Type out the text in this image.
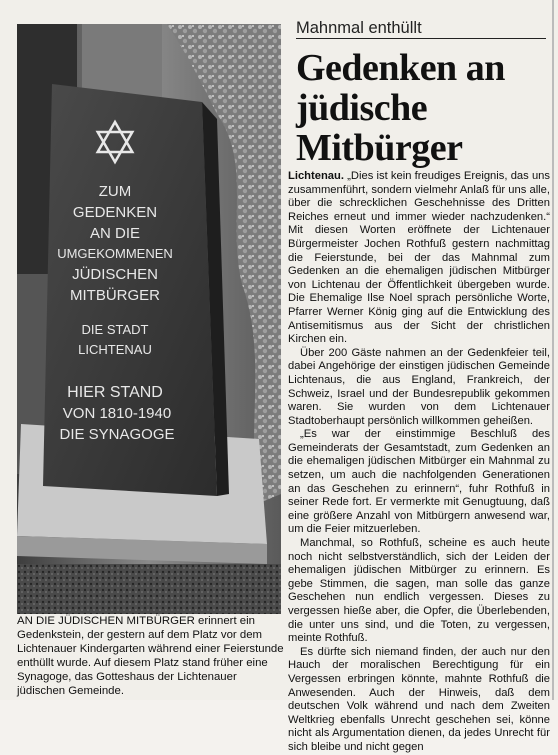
ZUM
GEDENKEN
AN DIE
UMGEKOMMENEN
JÜDISCHEN
MITBÜRGER
DIE STADT
LICHTENAU
HIER STAND
VON 1810-1940
DIE SYNAGOGE
AN DIE JÜDISCHEN MITBÜRGER erinnert ein Gedenkstein, der gestern auf dem Platz vor dem Lichtenauer Kindergarten während einer Feierstunde enthüllt wurde. Auf diesem Platz stand früher eine Synagoge, das Gotteshaus der Lichtenauer jüdischen Gemeinde.
Mahnmal enthüllt
Gedenken an jüdische Mitbürger

Lichtenau. „Dies ist kein freudiges Ereignis, das uns zusammenführt, sondern vielmehr Anlaß für uns alle, über die schrecklichen Geschehnisse des Dritten Reiches erneut und immer wieder nachzudenken.“ Mit diesen Worten eröffnete der Lichtenauer Bürgermeister Jochen Rothfuß gestern nachmittag die Feierstunde, bei der das Mahnmal zum Gedenken an die ehemaligen jüdischen Mitbürger von Lichtenau der Öffentlichkeit übergeben wurde. Die Ehemalige Ilse Noel sprach persönliche Worte, Pfarrer Werner König ging auf die Entwicklung des Antisemitismus aus der Sicht der christlichen Kirchen ein.

Über 200 Gäste nahmen an der Gedenkfeier teil, dabei Angehörige der einstigen jüdischen Gemeinde Lichtenaus, die aus England, Frankreich, der Schweiz, Israel und der Bundesrepublik gekommen waren. Sie wurden von dem Lichtenauer Stadtoberhaupt persönlich willkommen geheißen.

„Es war der einstimmige Beschluß des Gemeinderats der Gesamtstadt, zum Gedenken an die ehemaligen jüdischen Mitbürger ein Mahnmal zu setzen, um auch die nachfolgenden Generationen an das Geschehen zu erinnern“, fuhr Rothfuß in seiner Rede fort. Er vermerkte mit Genugtuung, daß eine größere Anzahl von Mitbürgern anwesend war, um die Feier mitzuerleben.

Manchmal, so Rothfuß, scheine es auch heute noch nicht selbstverständlich, sich der Leiden der ehemaligen jüdischen Mitbürger zu erinnern. Es gebe Stimmen, die sagen, man solle das ganze Geschehen nun endlich vergessen. Dieses zu vergessen hieße aber, die Opfer, die Überlebenden, die unter uns sind, und die Toten, zu vergessen, meinte Rothfuß.

Es dürfte sich niemand finden, der auch nur den Hauch der moralischen Berechtigung für ein Vergessen erbringen könnte, mahnte Rothfuß die Anwesenden. Auch der Hinweis, daß dem deutschen Volk während und nach dem Zweiten Weltkrieg ebenfalls Unrecht geschehen sei, könne nicht als Argumentation dienen, da jedes Unrecht für sich bleibe und nicht gegen
